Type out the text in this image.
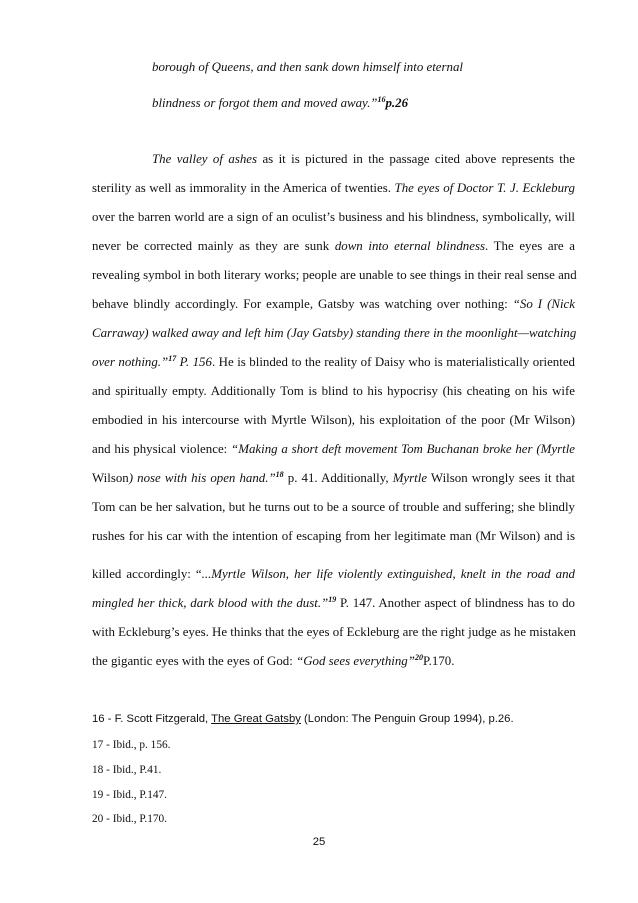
borough of Queens, and then sank down himself into eternal
blindness or forgot them and moved away.”$^{16}$p.26
The valley of ashes as it is pictured in the passage cited above represents the
sterility as well as immorality in the America of twenties. The eyes of Doctor T. J. Eckleburg
over the barren world are a sign of an oculist’s business and his blindness, symbolically, will
never be corrected mainly as they are sunk down into eternal blindness. The eyes are a
revealing symbol in both literary works; people are unable to see things in their real sense and
behave blindly accordingly. For example, Gatsby was watching over nothing: “So I (Nick
Carraway) walked away and left him (Jay Gatsby) standing there in the moonlight—watching
over nothing.”$^{17}$ P. 156. He is blinded to the reality of Daisy who is materialistically oriented
and spiritually empty. Additionally Tom is blind to his hypocrisy (his cheating on his wife
embodied in his intercourse with Myrtle Wilson), his exploitation of the poor (Mr Wilson)
and his physical violence: “Making a short deft movement Tom Buchanan broke her (Myrtle
Wilson) nose with his open hand.”$^{18}$ p. 41. Additionally, Myrtle Wilson wrongly sees it that
Tom can be her salvation, but he turns out to be a source of trouble and suffering; she blindly
rushes for his car with the intention of escaping from her legitimate man (Mr Wilson) and is
killed accordingly: “...Myrtle Wilson, her life violently extinguished, knelt in the road and
mingled her thick, dark blood with the dust.”$^{19}$ P. 147. Another aspect of blindness has to do
with Eckleburg’s eyes. He thinks that the eyes of Eckleburg are the right judge as he mistaken
the gigantic eyes with the eyes of God: “God sees everything”$^{20}$P.170.
16 - F. Scott Fitzgerald, The Great Gatsby (London: The Penguin Group 1994), p.26.
17 - Ibid., p. 156.
18 - Ibid., P.41.
19 - Ibid., P.147.
20 - Ibid., P.170.
25
